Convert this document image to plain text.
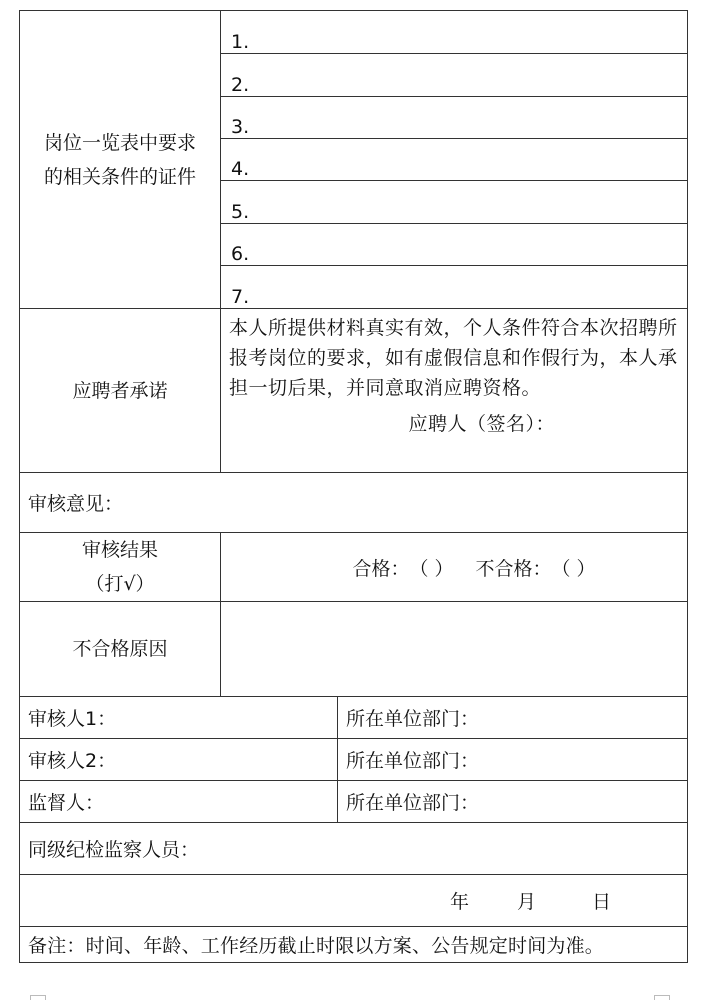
岗位一览表中要求
的相关条件的证件	1.	
	2.	
	3.	
	4.	
	5.	
	6.	
	7.	
应聘者承诺	本人所提供材料真实有效，个人条件符合本次招聘所报考岗位的要求，如有虚假信息和作假行为，本人承担一切后果，并同意取消应聘资格。
应聘人（签名）：	

审核意见：		

审核结果
（打√）	合格：（ ） 不合格：（ ）	
不合格原因		
审核人1：		所在单位部门：
审核人2：		所在单位部门：
监督人：		所在单位部门：
同级纪检监察人员：		
年 月 日		
备注：时间、年龄、工作经历截止时限以方案、公告规定时间为准。		
